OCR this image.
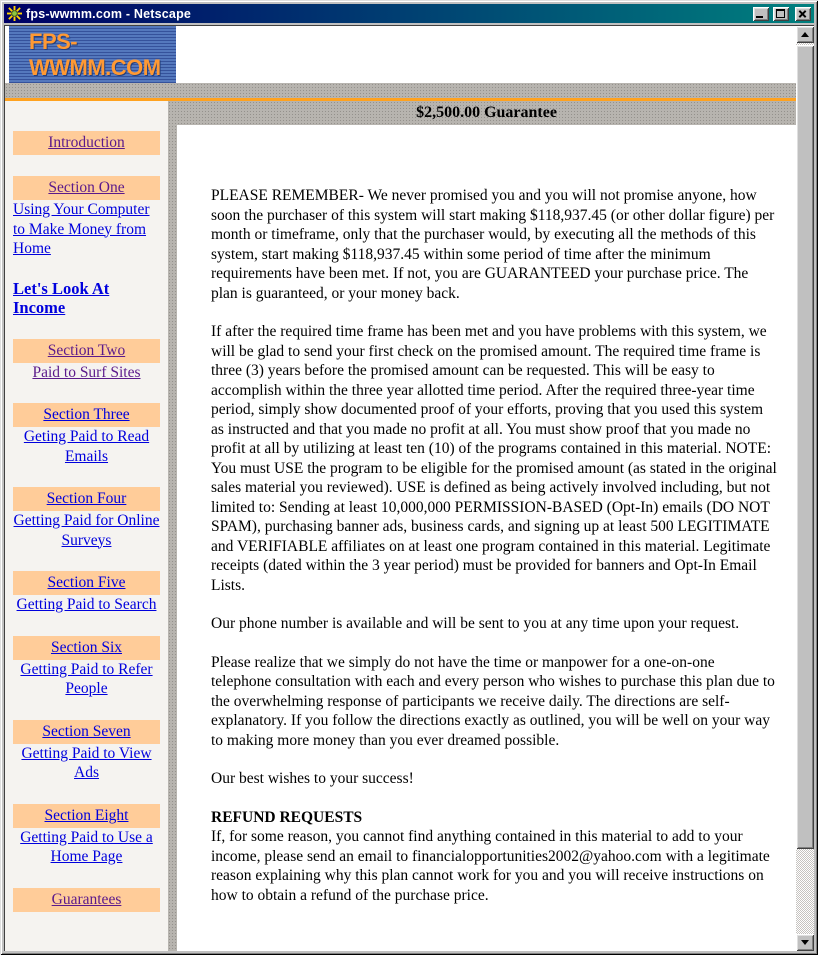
fps-wwmm.com - Netscape
FPS-WWMM.COM
Introduction
Section One
Using Your Computer to Make Money from Home
Let's Look At Income
Section Two
Paid to Surf Sites
Section Three
Geting Paid to Read Emails
Section Four
Getting Paid for Online Surveys
Section Five
Getting Paid to Search
Section Six
Getting Paid to Refer People
Section Seven
Getting Paid to View Ads
Section Eight
Getting Paid to Use a Home Page
Guarantees
$2,500.00 Guarantee

PLEASE REMEMBER- We never promised you and you will not promise anyone, how soon the purchaser of this system will start making $118,937.45 (or other dollar figure) per month or timeframe, only that the purchaser would, by executing all the methods of this system, start making $118,937.45 within some period of time after the minimum requirements have been met. If not, you are GUARANTEED your purchase price. The plan is guaranteed, or your money back.

If after the required time frame has been met and you have problems with this system, we will be glad to send your first check on the promised amount. The required time frame is three (3) years before the promised amount can be requested. This will be easy to accomplish within the three year allotted time period. After the required three-year time period, simply show documented proof of your efforts, proving that you used this system as instructed and that you made no profit at all. You must show proof that you made no profit at all by utilizing at least ten (10) of the programs contained in this material. NOTE: You must USE the program to be eligible for the promised amount (as stated in the original sales material you reviewed). USE is defined as being actively involved including, but not limited to: Sending at least 10,000,000 PERMISSION-BASED (Opt-In) emails (DO NOT SPAM), purchasing banner ads, business cards, and signing up at least 500 LEGITIMATE and VERIFIABLE affiliates on at least one program contained in this material. Legitimate receipts (dated within the 3 year period) must be provided for banners and Opt-In Email Lists.

Our phone number is available and will be sent to you at any time upon your request.

Please realize that we simply do not have the time or manpower for a one-on-one telephone consultation with each and every person who wishes to purchase this plan due to the overwhelming response of participants we receive daily. The directions are self-explanatory. If you follow the directions exactly as outlined, you will be well on your way to making more money than you ever dreamed possible.

Our best wishes to your success!

REFUND REQUESTS
If, for some reason, you cannot find anything contained in this material to add to your income, please send an email to financialopportunities2002@yahoo.com with a legitimate reason explaining why this plan cannot work for you and you will receive instructions on how to obtain a refund of the purchase price.
